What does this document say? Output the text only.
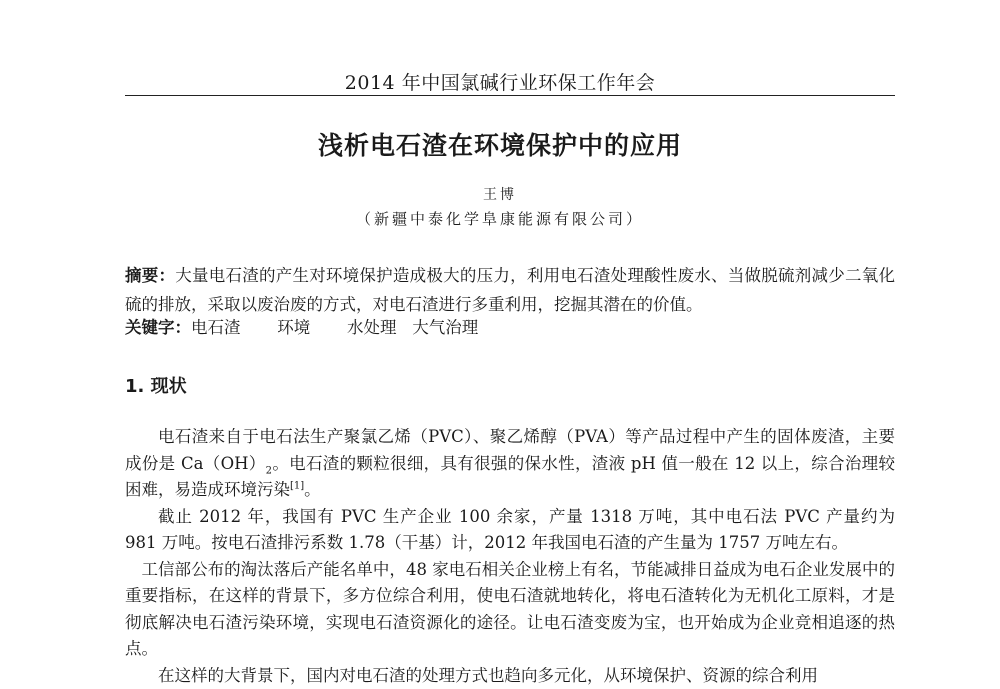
2014 年中国氯碱行业环保工作年会
浅析电石渣在环境保护中的应用
王博
（新疆中泰化学阜康能源有限公司）
摘要：大量电石渣的产生对环境保护造成极大的压力，利用电石渣处理酸性废水、当做脱硫剂减少二氧化硫的排放，采取以废治废的方式，对电石渣进行多重利用，挖掘其潜在的价值。
关键字：电石渣 环境 水处理 大气治理
1. 现状

电石渣来自于电石法生产聚氯乙烯（PVC）、聚乙烯醇（PVA）等产品过程中产生的固体废渣，主要成份是 $Ca(OH)_2$。电石渣的颗粒很细，具有很强的保水性，渣液 pH 值一般在 12 以上，综合治理较困难，易造成环境污染[1]。

截止 2012 年，我国有 PVC 生产企业 100 余家，产量 1318 万吨，其中电石法 PVC 产量约为 981 万吨。按电石渣排污系数 1.78（干基）计，2012 年我国电石渣的产生量为 1757 万吨左右。

工信部公布的淘汰落后产能名单中，48 家电石相关企业榜上有名，节能减排日益成为电石企业发展中的重要指标，在这样的背景下，多方位综合利用，使电石渣就地转化，将电石渣转化为无机化工原料，才是彻底解决电石渣污染环境，实现电石渣资源化的途径。让电石渣变废为宝，也开始成为企业竞相追逐的热点。

在这样的大背景下，国内对电石渣的处理方式也趋向多元化，从环境保护、资源的综合利用
